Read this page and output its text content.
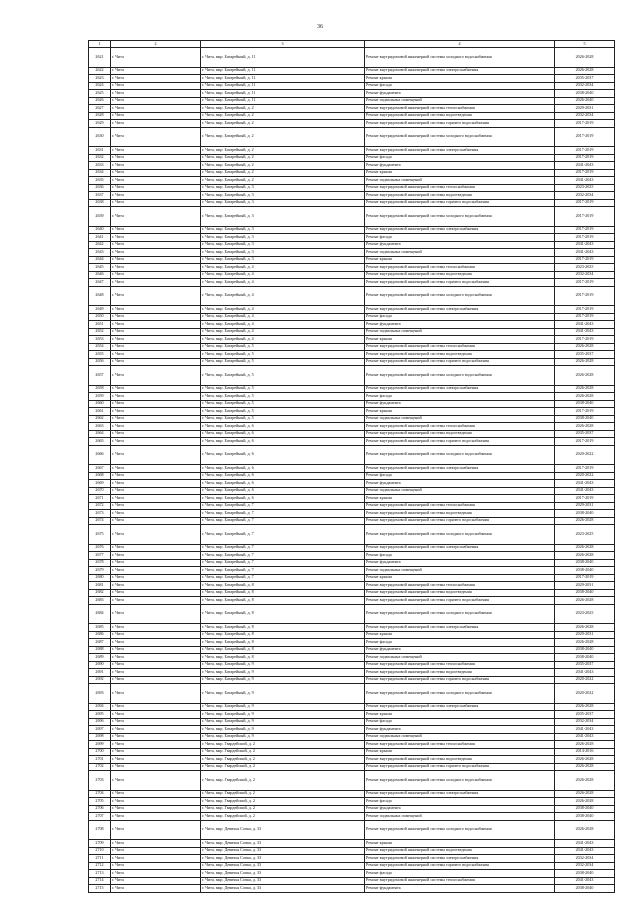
36
1	2	3	4	5
2621	г. Чита	г. Чита, мкр. Батарейный, д. 11	Ремонт внутридомовой инженерной системы холодного водоснабжения	2026-2028
2622	г. Чита	г. Чита, мкр. Батарейный, д. 11	Ремонт внутридомовой инженерной системы электроснабжения	2026-2028
2623	г. Чита	г. Чита, мкр. Батарейный, д. 11	Ремонт крыши	2035-2037
2624	г. Чита	г. Чита, мкр. Батарейный, д. 11	Ремонт фасада	2032-2034
2625	г. Чита	г. Чита, мкр. Батарейный, д. 11	Ремонт фундамента	2038-2040
2626	г. Чита	г. Чита, мкр. Батарейный, д. 11	Ремонт подвальных помещений	2026-2040
2627	г. Чита	г. Чита, мкр. Батарейный, д. 2	Ремонт внутридомовой инженерной системы теплоснабжения	2029-2031
2628	г. Чита	г. Чита, мкр. Батарейный, д. 2	Ремонт внутридомовой инженерной системы водоотведения	2032-2034
2629	г. Чита	г. Чита, мкр. Батарейный, д. 2	Ремонт внутридомовой инженерной системы горячего водоснабжения	2017-2019
2630	г. Чита	г. Чита, мкр. Батарейный, д. 2	Ремонт внутридомовой инженерной системы холодного водоснабжения	2017-2019
2631	г. Чита	г. Чита, мкр. Батарейный, д. 2	Ремонт внутридомовой инженерной системы электроснабжения	2017-2019
2632	г. Чита	г. Чита, мкр. Батарейный, д. 2	Ремонт фасада	2017-2019
2633	г. Чита	г. Чита, мкр. Батарейный, д. 2	Ремонт фундамента	2041-2043
2634	г. Чита	г. Чита, мкр. Батарейный, д. 2	Ремонт крыши	2017-2019
2635	г. Чита	г. Чита, мкр. Батарейный, д. 2	Ремонт подвальных помещений	2041-2043
2636	г. Чита	г. Чита, мкр. Батарейный, д. 3	Ремонт внутридомовой инженерной системы теплоснабжения	2023-2025
2637	г. Чита	г. Чита, мкр. Батарейный, д. 3	Ремонт внутридомовой инженерной системы водоотведения	2032-2034
2638	г. Чита	г. Чита, мкр. Батарейный, д. 3	Ремонт внутридомовой инженерной системы горячего водоснабжения	2017-2019
2639	г. Чита	г. Чита, мкр. Батарейный, д. 3	Ремонт внутридомовой инженерной системы холодного водоснабжения	2017-2019
2640	г. Чита	г. Чита, мкр. Батарейный, д. 3	Ремонт внутридомовой инженерной системы электроснабжения	2017-2019
2641	г. Чита	г. Чита, мкр. Батарейный, д. 3	Ремонт фасада	2017-2019
2642	г. Чита	г. Чита, мкр. Батарейный, д. 3	Ремонт фундамента	2041-2043
2643	г. Чита	г. Чита, мкр. Батарейный, д. 3	Ремонт подвальных помещений	2041-2043
2644	г. Чита	г. Чита, мкр. Батарейный, д. 3	Ремонт крыши	2017-2019
2645	г. Чита	г. Чита, мкр. Батарейный, д. 4	Ремонт внутридомовой инженерной системы теплоснабжения	2023-2025
2646	г. Чита	г. Чита, мкр. Батарейный, д. 4	Ремонт внутридомовой инженерной системы водоотведения	2032-2034
2647	г. Чита	г. Чита, мкр. Батарейный, д. 4	Ремонт внутридомовой инженерной системы горячего водоснабжения	2017-2019
2648	г. Чита	г. Чита, мкр. Батарейный, д. 4	Ремонт внутридомовой инженерной системы холодного водоснабжения	2017-2019
2649	г. Чита	г. Чита, мкр. Батарейный, д. 4	Ремонт внутридомовой инженерной системы электроснабжения	2017-2019
2650	г. Чита	г. Чита, мкр. Батарейный, д. 4	Ремонт фасада	2017-2019
2651	г. Чита	г. Чита, мкр. Батарейный, д. 4	Ремонт фундамента	2041-2043
2652	г. Чита	г. Чита, мкр. Батарейный, д. 4	Ремонт подвальных помещений	2041-2043
2653	г. Чита	г. Чита, мкр. Батарейный, д. 4	Ремонт крыши	2017-2019
2654	г. Чита	г. Чита, мкр. Батарейный, д. 5	Ремонт внутридомовой инженерной системы теплоснабжения	2026-2028
2655	г. Чита	г. Чита, мкр. Батарейный, д. 5	Ремонт внутридомовой инженерной системы водоотведения	2035-2037
2656	г. Чита	г. Чита, мкр. Батарейный, д. 5	Ремонт внутридомовой инженерной системы горячего водоснабжения	2026-2028
2657	г. Чита	г. Чита, мкр. Батарейный, д. 5	Ремонт внутридомовой инженерной системы холодного водоснабжения	2026-2028
2658	г. Чита	г. Чита, мкр. Батарейный, д. 5	Ремонт внутридомовой инженерной системы электроснабжения	2026-2028
2659	г. Чита	г. Чита, мкр. Батарейный, д. 5	Ремонт фасада	2026-2028
2660	г. Чита	г. Чита, мкр. Батарейный, д. 5	Ремонт фундамента	2038-2040
2661	г. Чита	г. Чита, мкр. Батарейный, д. 5	Ремонт крыши	2017-2019
2662	г. Чита	г. Чита, мкр. Батарейный, д. 5	Ремонт подвальных помещений	2038-2040
2663	г. Чита	г. Чита, мкр. Батарейный, д. 6	Ремонт внутридомовой инженерной системы теплоснабжения	2026-2028
2664	г. Чита	г. Чита, мкр. Батарейный, д. 6	Ремонт внутридомовой инженерной системы водоотведения	2035-2037
2665	г. Чита	г. Чита, мкр. Батарейный, д. 6	Ремонт внутридомовой инженерной системы горячего водоснабжения	2017-2019
2666	г. Чита	г. Чита, мкр. Батарейный, д. 6	Ремонт внутридомовой инженерной системы холодного водоснабжения	2020-2022
2667	г. Чита	г. Чита, мкр. Батарейный, д. 6	Ремонт внутридомовой инженерной системы электроснабжения	2017-2019
2668	г. Чита	г. Чита, мкр. Батарейный, д. 6	Ремонт фасада	2020-2022
2669	г. Чита	г. Чита, мкр. Батарейный, д. 6	Ремонт фундамента	2041-2043
2670	г. Чита	г. Чита, мкр. Батарейный, д. 6	Ремонт подвальных помещений	2041-2043
2671	г. Чита	г. Чита, мкр. Батарейный, д. 6	Ремонт крыши	2017-2019
2672	г. Чита	г. Чита, мкр. Батарейный, д. 7	Ремонт внутридомовой инженерной системы теплоснабжения	2029-2031
2673	г. Чита	г. Чита, мкр. Батарейный, д. 7	Ремонт внутридомовой инженерной системы водоотведения	2038-2040
2674	г. Чита	г. Чита, мкр. Батарейный, д. 7	Ремонт внутридомовой инженерной системы горячего водоснабжения	2026-2028
2675	г. Чита	г. Чита, мкр. Батарейный, д. 7	Ремонт внутридомовой инженерной системы холодного водоснабжения	2023-2025
2676	г. Чита	г. Чита, мкр. Батарейный, д. 7	Ремонт внутридомовой инженерной системы электроснабжения	2026-2028
2677	г. Чита	г. Чита, мкр. Батарейный, д. 7	Ремонт фасада	2026-2028
2678	г. Чита	г. Чита, мкр. Батарейный, д. 7	Ремонт фундамента	2038-2040
2679	г. Чита	г. Чита, мкр. Батарейный, д. 7	Ремонт подвальных помещений	2038-2040
2680	г. Чита	г. Чита, мкр. Батарейный, д. 7	Ремонт крыши	2017-2019
2681	г. Чита	г. Чита, мкр. Батарейный, д. 8	Ремонт внутридомовой инженерной системы теплоснабжения	2029-2031
2682	г. Чита	г. Чита, мкр. Батарейный, д. 8	Ремонт внутридомовой инженерной системы водоотведения	2038-2040
2683	г. Чита	г. Чита, мкр. Батарейный, д. 8	Ремонт внутридомовой инженерной системы горячего водоснабжения	2026-2028
2684	г. Чита	г. Чита, мкр. Батарейный, д. 8	Ремонт внутридомовой инженерной системы холодного водоснабжения	2023-2025
2685	г. Чита	г. Чита, мкр. Батарейный, д. 8	Ремонт внутридомовой инженерной системы электроснабжения	2026-2028
2686	г. Чита	г. Чита, мкр. Батарейный, д. 8	Ремонт крыши	2029-2031
2687	г. Чита	г. Чита, мкр. Батарейный, д. 8	Ремонт фасада	2026-2028
2688	г. Чита	г. Чита, мкр. Батарейный, д. 8	Ремонт фундамента	2038-2040
2689	г. Чита	г. Чита, мкр. Батарейный, д. 8	Ремонт подвальных помещений	2038-2040
2690	г. Чита	г. Чита, мкр. Батарейный, д. 9	Ремонт внутридомовой инженерной системы теплоснабжения	2035-2037
2691	г. Чита	г. Чита, мкр. Батарейный, д. 9	Ремонт внутридомовой инженерной системы водоотведения	2041-2043
2692	г. Чита	г. Чита, мкр. Батарейный, д. 9	Ремонт внутридомовой инженерной системы горячего водоснабжения	2020-2022
2693	г. Чита	г. Чита, мкр. Батарейный, д. 9	Ремонт внутридомовой инженерной системы холодного водоснабжения	2020-2022
2694	г. Чита	г. Чита, мкр. Батарейный, д. 9	Ремонт внутридомовой инженерной системы электроснабжения	2026-2028
2695	г. Чита	г. Чита, мкр. Батарейный, д. 9	Ремонт крыши	2035-2037
2696	г. Чита	г. Чита, мкр. Батарейный, д. 9	Ремонт фасада	2032-2034
2697	г. Чита	г. Чита, мкр. Батарейный, д. 9	Ремонт фундамента	2041-2043
2698	г. Чита	г. Чита, мкр. Батарейный, д. 9	Ремонт подвальных помещений	2041-2043
2699	г. Чита	г. Чита, мкр. Гвардейский, д. 2	Ремонт внутридомовой инженерной системы теплоснабжения	2026-2028
2700	г. Чита	г. Чита, мкр. Гвардейский, д. 2	Ремонт крыши	2014-2016
2701	г. Чита	г. Чита, мкр. Гвардейский, д. 2	Ремонт внутридомовой инженерной системы водоотведения	2026-2028
2702	г. Чита	г. Чита, мкр. Гвардейский, д. 2	Ремонт внутридомовой инженерной системы горячего водоснабжения	2026-2028
2703	г. Чита	г. Чита, мкр. Гвардейский, д. 2	Ремонт внутридомовой инженерной системы холодного водоснабжения	2026-2028
2704	г. Чита	г. Чита, мкр. Гвардейский, д. 2	Ремонт внутридомовой инженерной системы электроснабжения	2026-2028
2705	г. Чита	г. Чита, мкр. Гвардейский, д. 2	Ремонт фасада	2026-2028
2706	г. Чита	г. Чита, мкр. Гвардейский, д. 2	Ремонт фундамента	2038-2040
2707	г. Чита	г. Чита, мкр. Гвардейский, д. 2	Ремонт подвальных помещений	2038-2040
2708	г. Чита	г. Чита, мкр. Девичья Сопка, д. 33	Ремонт внутридомовой инженерной системы холодного водоснабжения	2026-2028
2709	г. Чита	г. Чита, мкр. Девичья Сопка, д. 33	Ремонт крыши	2041-2043
2710	г. Чита	г. Чита, мкр. Девичья Сопка, д. 33	Ремонт внутридомовой инженерной системы водоотведения	2041-2043
2711	г. Чита	г. Чита, мкр. Девичья Сопка, д. 33	Ремонт внутридомовой инженерной системы электроснабжения	2032-2034
2712	г. Чита	г. Чита, мкр. Девичья Сопка, д. 33	Ремонт внутридомовой инженерной системы горячего водоснабжения	2032-2034
2713	г. Чита	г. Чита, мкр. Девичья Сопка, д. 33	Ремонт фасада	2038-2040
2714	г. Чита	г. Чита, мкр. Девичья Сопка, д. 33	Ремонт внутридомовой инженерной системы теплоснабжения	2041-2043
2715	г. Чита	г. Чита, мкр. Девичья Сопка, д. 33	Ремонт фундамента	2038-2040
